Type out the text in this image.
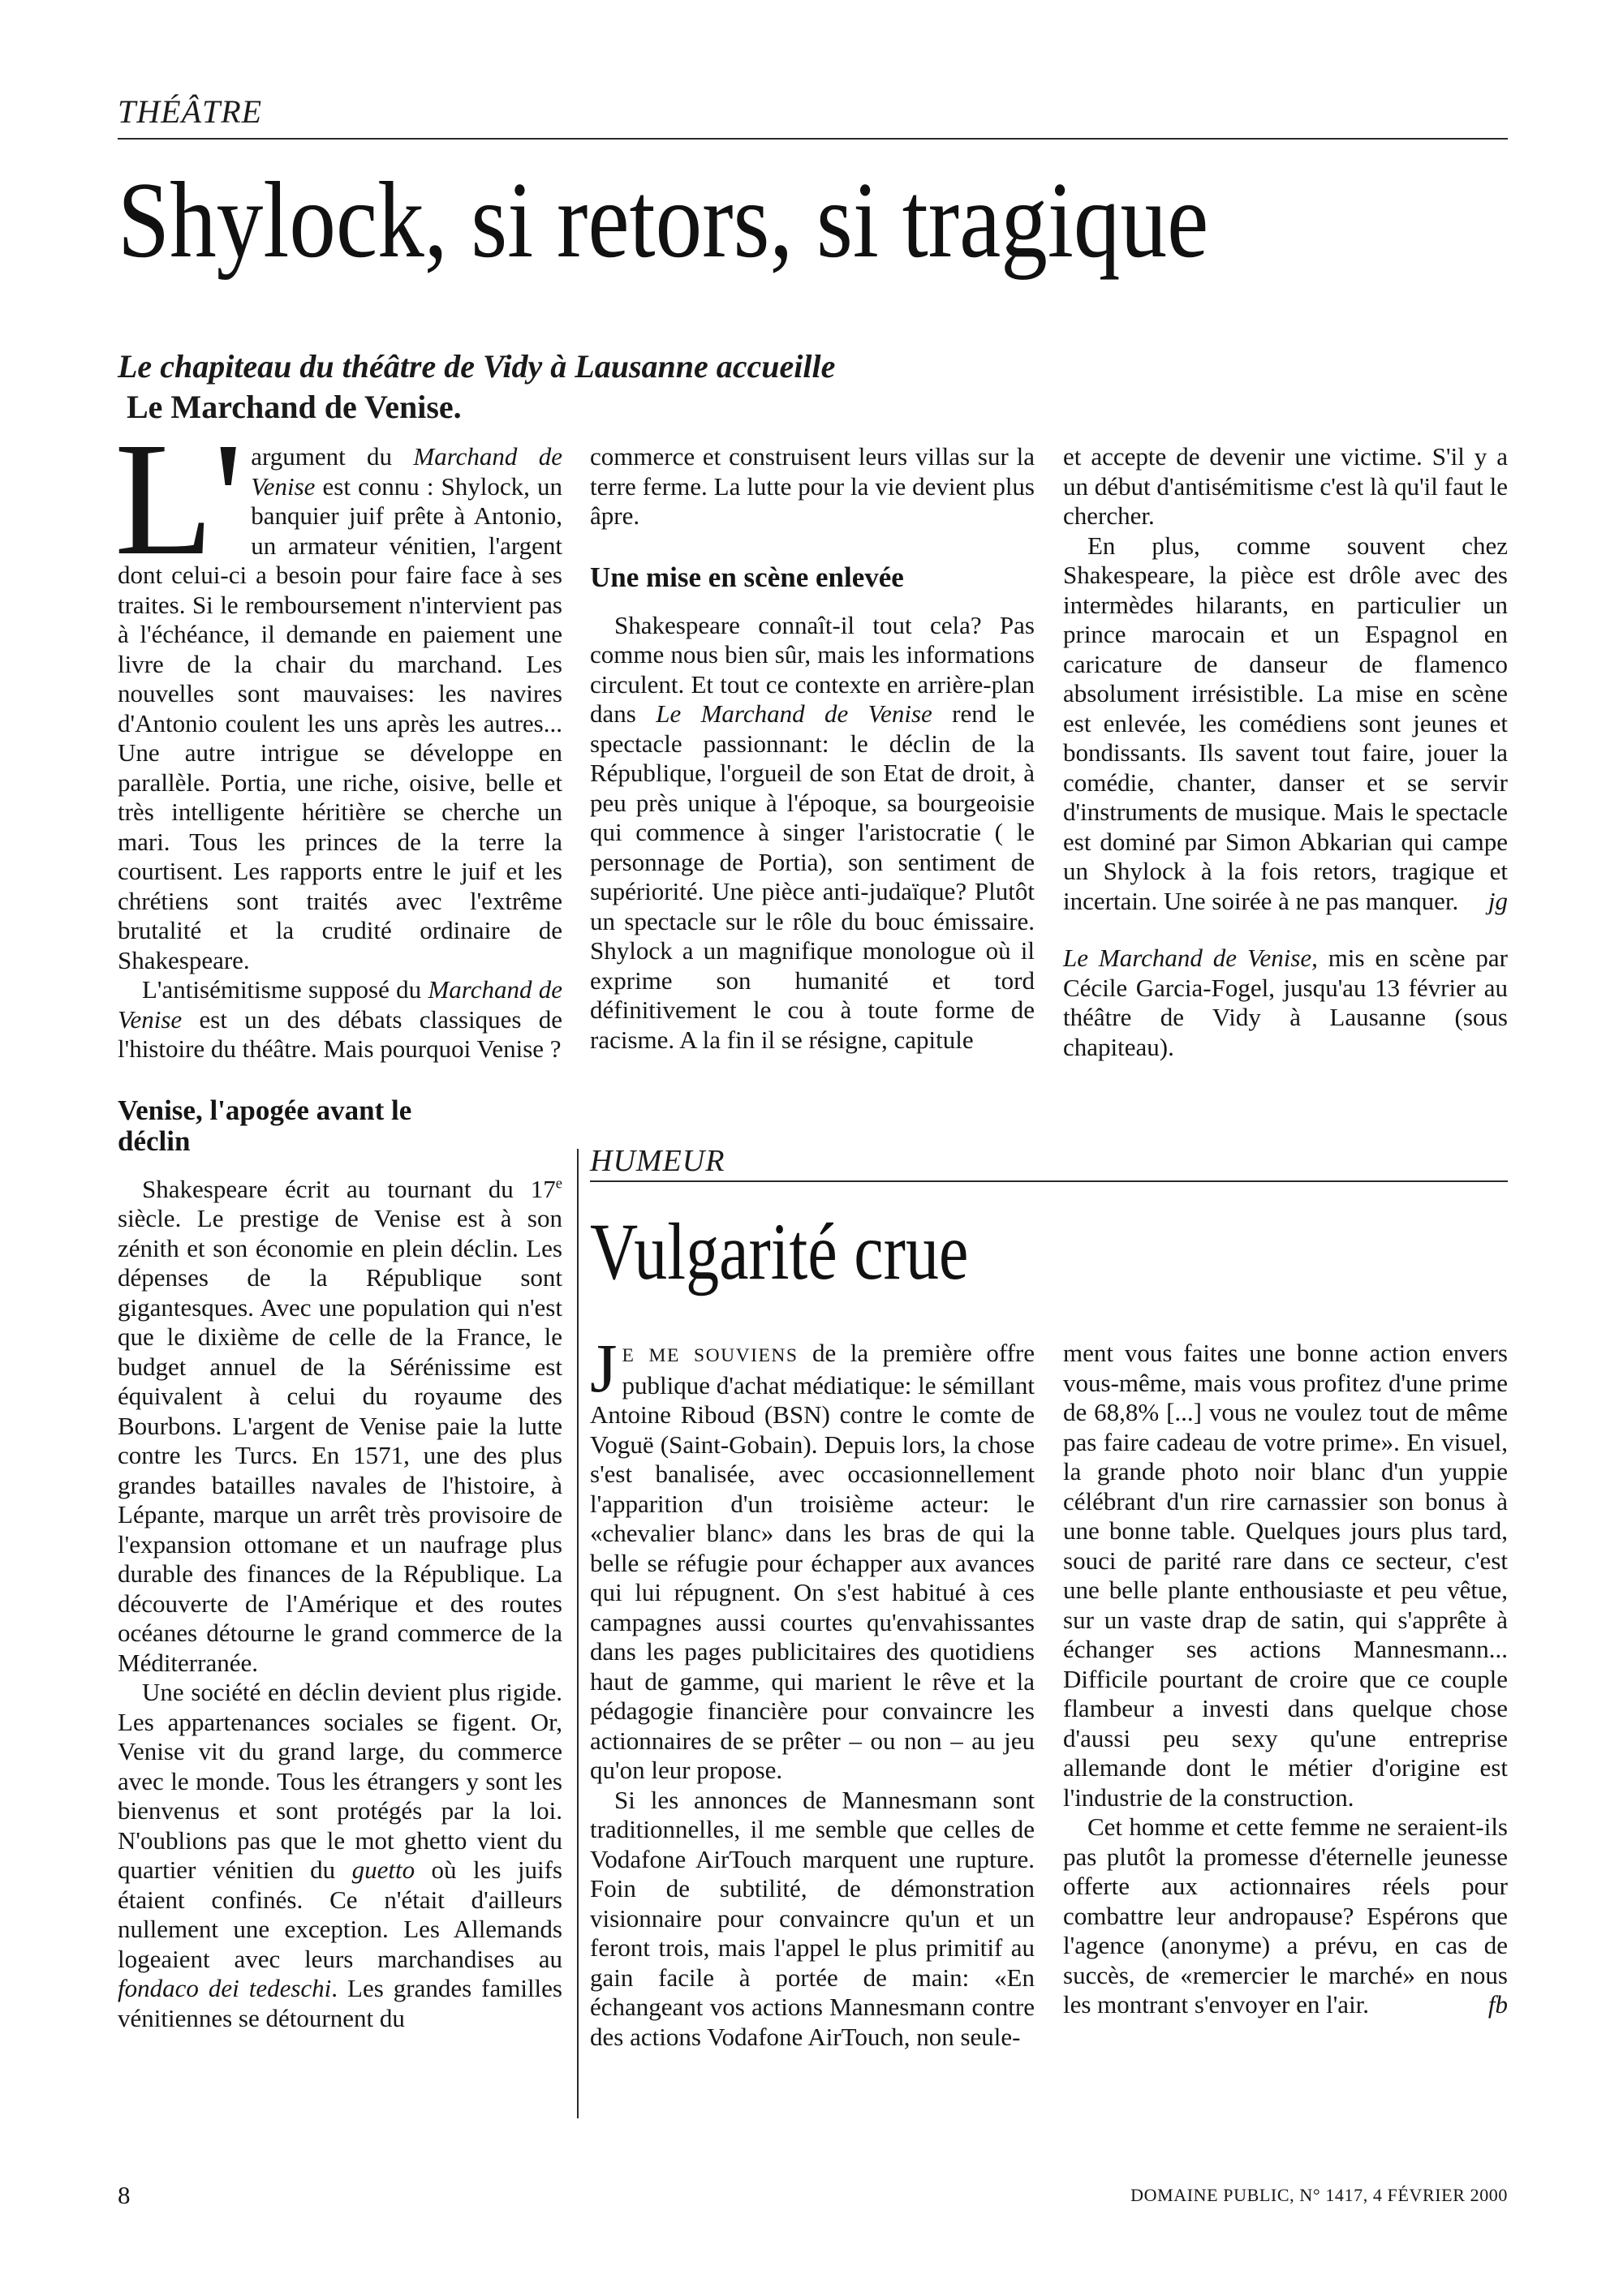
THÉÂTRE
Shylock, si retors, si tragique
Le chapiteau du théâtre de Vidy à Lausanne accueille
Le Marchand de Venise.

L' argument du Marchand de Venise est connu : Shylock, un banquier juif prête à Antonio, un armateur vénitien, l'argent dont celui-ci a besoin pour faire face à ses traites. Si le remboursement n'intervient pas à l'échéance, il demande en paiement une livre de la chair du marchand. Les nouvelles sont mauvaises: les navires d'Antonio coulent les uns après les autres... Une autre intrigue se développe en parallèle. Portia, une riche, oisive, belle et très intelligente héritière se cherche un mari. Tous les princes de la terre la courtisent. Les rapports entre le juif et les chrétiens sont traités avec l'extrême brutalité et la crudité ordinaire de Shakespeare.

L'antisémitisme supposé du Marchand de Venise est un des débats classiques de l'histoire du théâtre. Mais pourquoi Venise ?

Venise, l'apogée avant le déclin

Shakespeare écrit au tournant du 17e siècle. Le prestige de Venise est à son zénith et son économie en plein déclin. Les dépenses de la République sont gigantesques. Avec une population qui n'est que le dixième de celle de la France, le budget annuel de la Sérénissime est équivalent à celui du royaume des Bourbons. L'argent de Venise paie la lutte contre les Turcs. En 1571, une des plus grandes batailles navales de l'histoire, à Lépante, marque un arrêt très provisoire de l'expansion ottomane et un naufrage plus durable des finances de la République. La découverte de l'Amérique et des routes océanes détourne le grand commerce de la Méditerranée.

Une société en déclin devient plus rigide. Les appartenances sociales se figent. Or, Venise vit du grand large, du commerce avec le monde. Tous les étrangers y sont les bienvenus et sont protégés par la loi. N'oublions pas que le mot ghetto vient du quartier vénitien du guetto où les juifs étaient confinés. Ce n'était d'ailleurs nullement une exception. Les Allemands logeaient avec leurs marchandises au fondaco dei tedeschi. Les grandes familles vénitiennes se détournent du

commerce et construisent leurs villas sur la terre ferme. La lutte pour la vie devient plus âpre.

Une mise en scène enlevée

Shakespeare connaît-il tout cela? Pas comme nous bien sûr, mais les informations circulent. Et tout ce contexte en arrière-plan dans Le Marchand de Venise rend le spectacle passionnant: le déclin de la République, l'orgueil de son Etat de droit, à peu près unique à l'époque, sa bourgeoisie qui commence à singer l'aristocratie ( le personnage de Portia), son sentiment de supériorité. Une pièce anti-judaïque? Plutôt un spectacle sur le rôle du bouc émissaire. Shylock a un magnifique monologue où il exprime son humanité et tord définitivement le cou à toute forme de racisme. A la fin il se résigne, capitule

et accepte de devenir une victime. S'il y a un début d'antisémitisme c'est là qu'il faut le chercher.

En plus, comme souvent chez Shakespeare, la pièce est drôle avec des intermèdes hilarants, en particulier un prince marocain et un Espagnol en caricature de danseur de flamenco absolument irrésistible. La mise en scène est enlevée, les comédiens sont jeunes et bondissants. Ils savent tout faire, jouer la comédie, chanter, danser et se servir d'instruments de musique. Mais le spectacle est dominé par Simon Abkarian qui campe un Shylock à la fois retors, tragique et incertain. Une soirée à ne pas manquer.	jg

Le Marchand de Venise, mis en scène par Cécile Garcia-Fogel, jusqu'au 13 février au théâtre de Vidy à Lausanne (sous chapiteau).

HUMEUR
Vulgarité crue

J E ME SOUVIENS de la première offre publique d'achat médiatique: le sémillant Antoine Riboud (BSN) contre le comte de Voguë (Saint-Gobain). Depuis lors, la chose s'est banalisée, avec occasionnellement l'apparition d'un troisième acteur: le «chevalier blanc» dans les bras de qui la belle se réfugie pour échapper aux avances qui lui répugnent. On s'est habitué à ces campagnes aussi courtes qu'envahissantes dans les pages publicitaires des quotidiens haut de gamme, qui marient le rêve et la pédagogie financière pour convaincre les actionnaires de se prêter – ou non – au jeu qu'on leur propose.

Si les annonces de Mannesmann sont traditionnelles, il me semble que celles de Vodafone AirTouch marquent une rupture. Foin de subtilité, de démonstration visionnaire pour convaincre qu'un et un feront trois, mais l'appel le plus primitif au gain facile à portée de main: «En échangeant vos actions Mannesmann contre des actions Vodafone AirTouch, non seule-

ment vous faites une bonne action envers vous-même, mais vous profitez d'une prime de 68,8% [...] vous ne voulez tout de même pas faire cadeau de votre prime». En visuel, la grande photo noir blanc d'un yuppie célébrant d'un rire carnassier son bonus à une bonne table. Quelques jours plus tard, souci de parité rare dans ce secteur, c'est une belle plante enthousiaste et peu vêtue, sur un vaste drap de satin, qui s'apprête à échanger ses actions Mannesmann... Difficile pourtant de croire que ce couple flambeur a investi dans quelque chose d'aussi peu sexy qu'une entreprise allemande dont le métier d'origine est l'industrie de la construction.

Cet homme et cette femme ne seraient-ils pas plutôt la promesse d'éternelle jeunesse offerte aux actionnaires réels pour combattre leur andropause? Espérons que l'agence (anonyme) a prévu, en cas de succès, de «remercier le marché» en nous les montrant s'envoyer en l'air.	fb

8	DOMAINE PUBLIC, N° 1417, 4 FÉVRIER 2000
